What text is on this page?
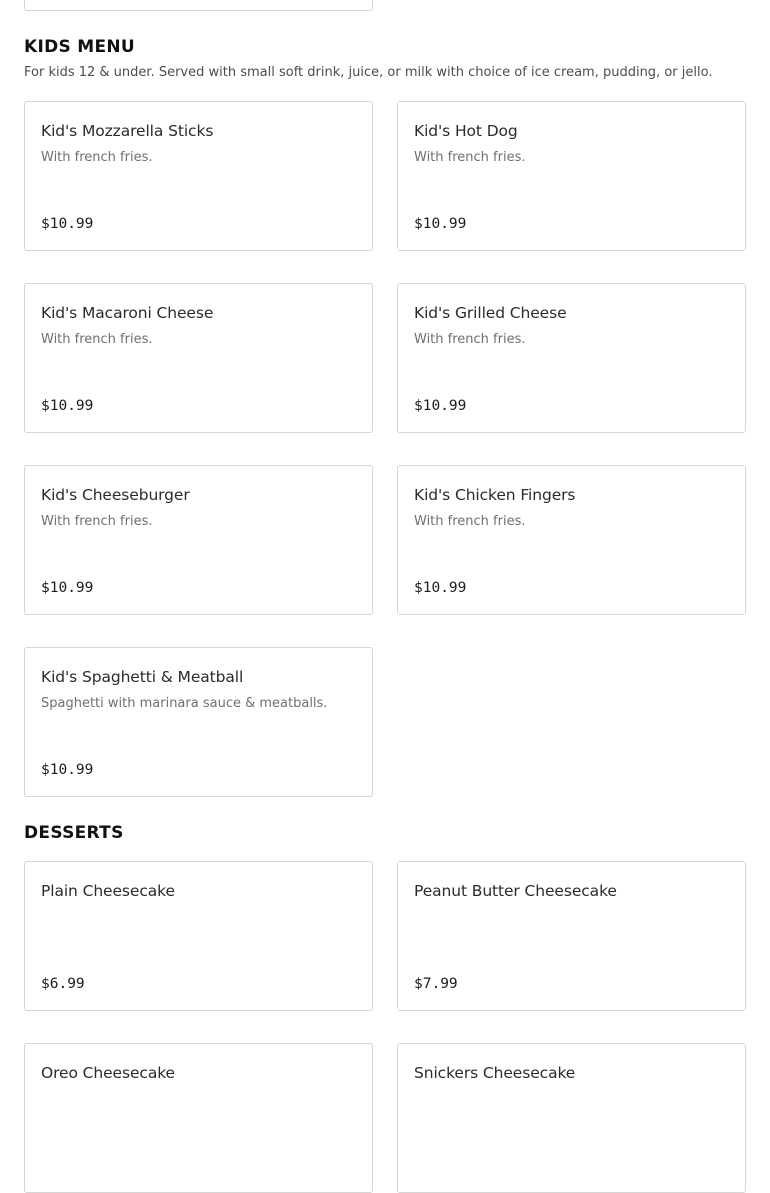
KIDS MENU
For kids 12 & under. Served with small soft drink, juice, or milk with choice of ice cream, pudding, or jello.
Kid's Mozzarella Sticks
With french fries.
$10.99
Kid's Hot Dog
With french fries.
$10.99
Kid's Macaroni Cheese
With french fries.
$10.99
Kid's Grilled Cheese
With french fries.
$10.99
Kid's Cheeseburger
With french fries.
$10.99
Kid's Chicken Fingers
With french fries.
$10.99
Kid's Spaghetti & Meatball
Spaghetti with marinara sauce & meatballs.
$10.99
DESSERTS
Plain Cheesecake
$6.99
Peanut Butter Cheesecake
$7.99
Oreo Cheesecake	Snickers Cheesecake
